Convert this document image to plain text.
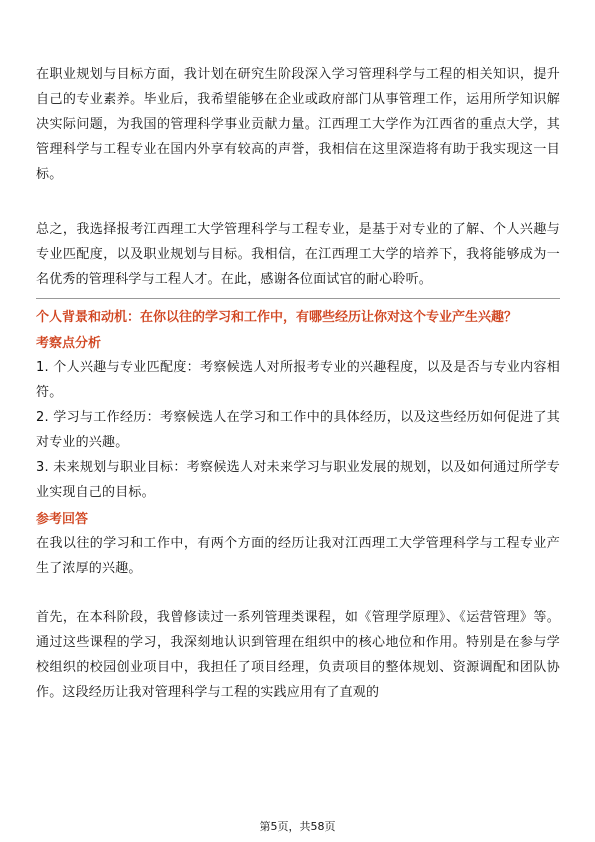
在职业规划与目标方面，我计划在研究生阶段深入学习管理科学与工程的相关知识，提升自己的专业素养。毕业后，我希望能够在企业或政府部门从事管理工作，运用所学知识解决实际问题，为我国的管理科学事业贡献力量。江西理工大学作为江西省的重点大学，其管理科学与工程专业在国内外享有较高的声誉，我相信在这里深造将有助于我实现这一目标。

总之，我选择报考江西理工大学管理科学与工程专业，是基于对专业的了解、个人兴趣与专业匹配度，以及职业规划与目标。我相信，在江西理工大学的培养下，我将能够成为一名优秀的管理科学与工程人才。在此，感谢各位面试官的耐心聆听。

个人背景和动机：在你以往的学习和工作中，有哪些经历让你对这个专业产生兴趣？
考察点分析

1. 个人兴趣与专业匹配度：考察候选人对所报考专业的兴趣程度，以及是否与专业内容相符。

2. 学习与工作经历：考察候选人在学习和工作中的具体经历，以及这些经历如何促进了其对专业的兴趣。

3. 未来规划与职业目标：考察候选人对未来学习与职业发展的规划，以及如何通过所学专业实现自己的目标。

参考回答

在我以往的学习和工作中，有两个方面的经历让我对江西理工大学管理科学与工程专业产生了浓厚的兴趣。

首先，在本科阶段，我曾修读过一系列管理类课程，如《管理学原理》、《运营管理》等。通过这些课程的学习，我深刻地认识到管理在组织中的核心地位和作用。特别是在参与学校组织的校园创业项目中，我担任了项目经理，负责项目的整体规划、资源调配和团队协作。这段经历让我对管理科学与工程的实践应用有了直观的

第5页，共58页
